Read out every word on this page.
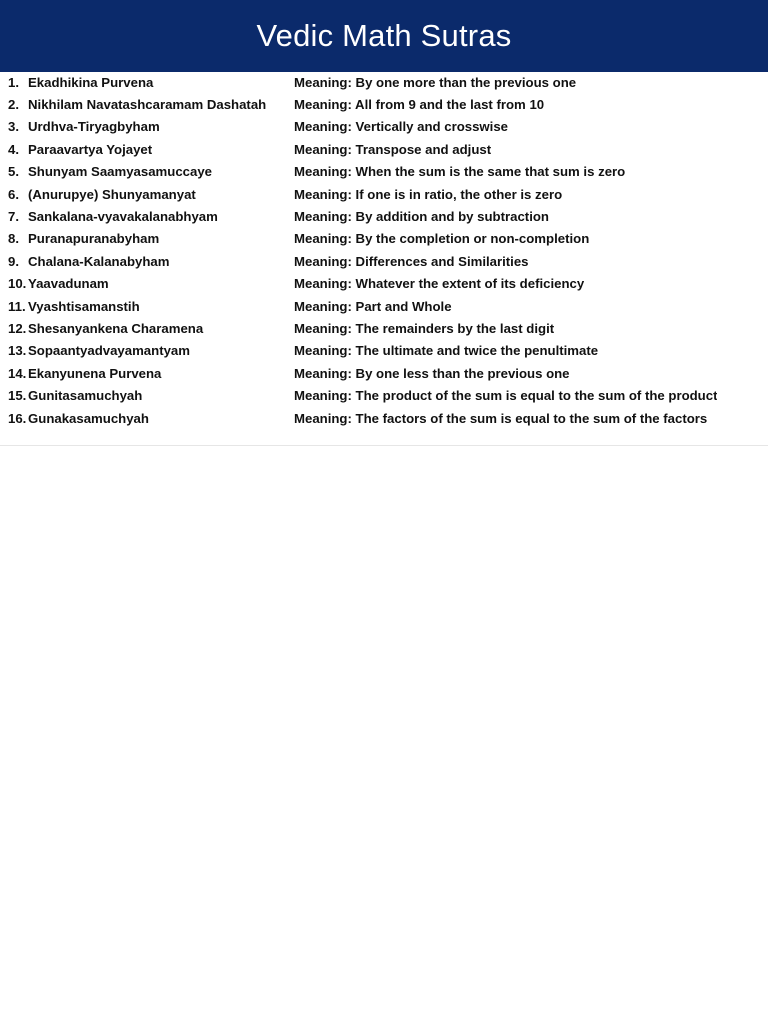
Vedic Math Sutras
1. Ekadhikina Purvena	Meaning: By one more than the previous one
2. Nikhilam Navatashcaramam Dashatah	Meaning: All from 9 and the last from 10
3. Urdhva-Tiryagbyham	Meaning: Vertically and crosswise
4. Paraavartya Yojayet	Meaning: Transpose and adjust
5. Shunyam Saamyasamuccaye	Meaning: When the sum is the same that sum is zero
6. (Anurupye) Shunyamanyat	Meaning: If one is in ratio, the other is zero
7. Sankalana-vyavakalanabhyam	Meaning: By addition and by subtraction
8. Puranapuranabyham	Meaning: By the completion or non-completion
9. Chalana-Kalanabyham	Meaning: Differences and Similarities
10. Yaavadunam	Meaning: Whatever the extent of its deficiency
11. Vyashtisamanstih	Meaning: Part and Whole
12. Shesanyankena Charamena	Meaning: The remainders by the last digit
13. Sopaantyadvayamantyam	Meaning: The ultimate and twice the penultimate
14. Ekanyunena Purvena	Meaning: By one less than the previous one
15. Gunitasamuchyah	Meaning: The product of the sum is equal to the sum of the product
16. Gunakasamuchyah	Meaning: The factors of the sum is equal to the sum of the factors
